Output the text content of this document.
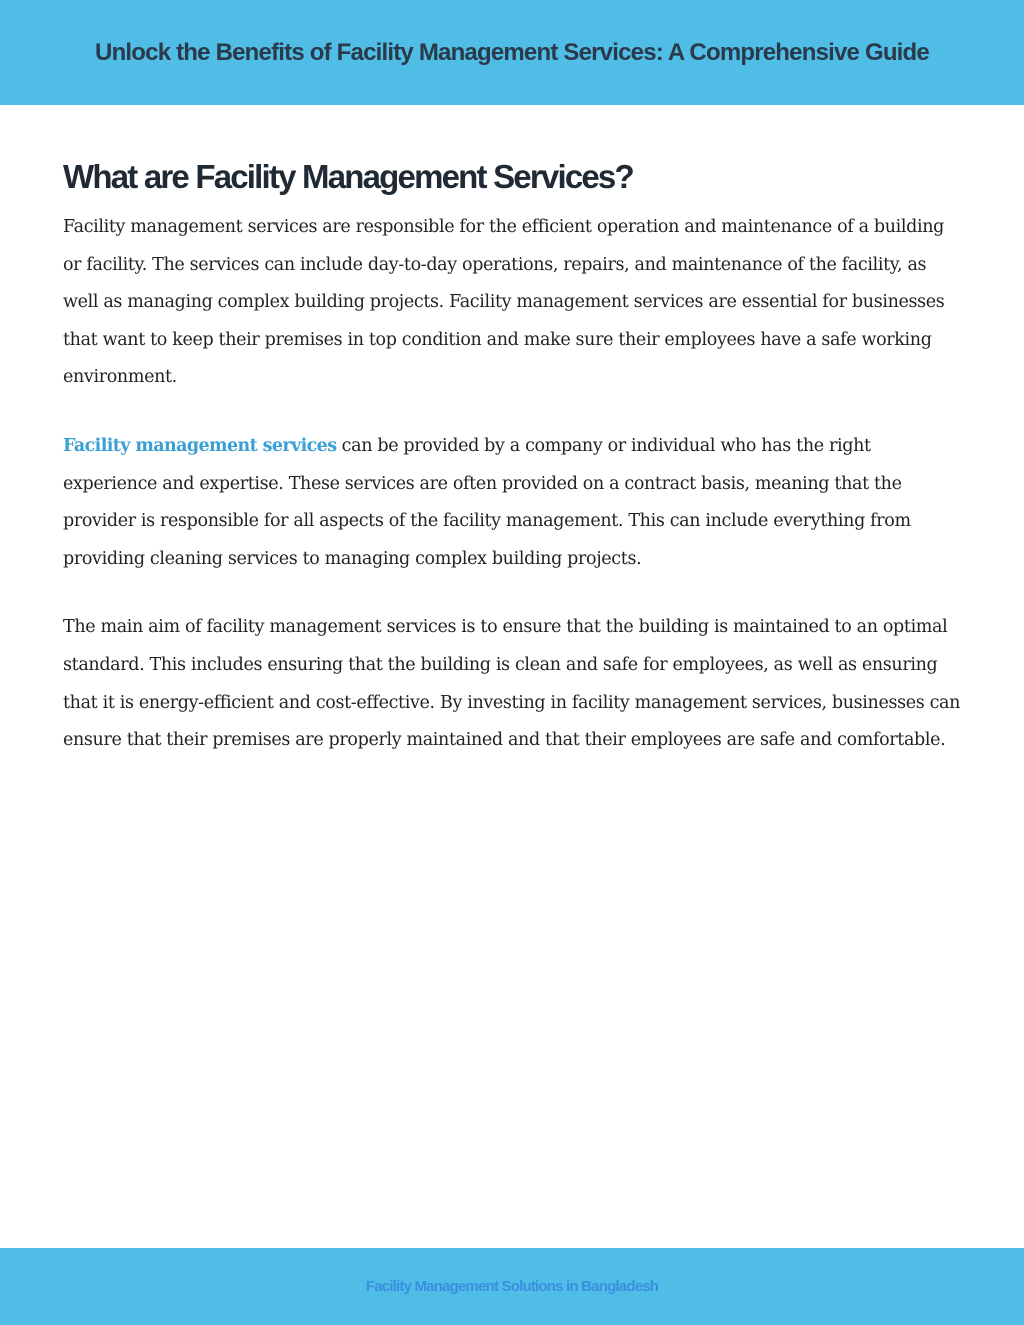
Unlock the Benefits of Facility Management Services: A Comprehensive Guide
What are Facility Management Services?

Facility management services are responsible for the efficient operation and maintenance of a building or facility. The services can include day-to-day operations, repairs, and maintenance of the facility, as well as managing complex building projects. Facility management services are essential for businesses that want to keep their premises in top condition and make sure their employees have a safe working environment.

Facility management services can be provided by a company or individual who has the right experience and expertise. These services are often provided on a contract basis, meaning that the provider is responsible for all aspects of the facility management. This can include everything from providing cleaning services to managing complex building projects.

The main aim of facility management services is to ensure that the building is maintained to an optimal standard. This includes ensuring that the building is clean and safe for employees, as well as ensuring that it is energy-efficient and cost-effective. By investing in facility management services, businesses can ensure that their premises are properly maintained and that their employees are safe and comfortable.

Facility Management Solutions in Bangladesh
